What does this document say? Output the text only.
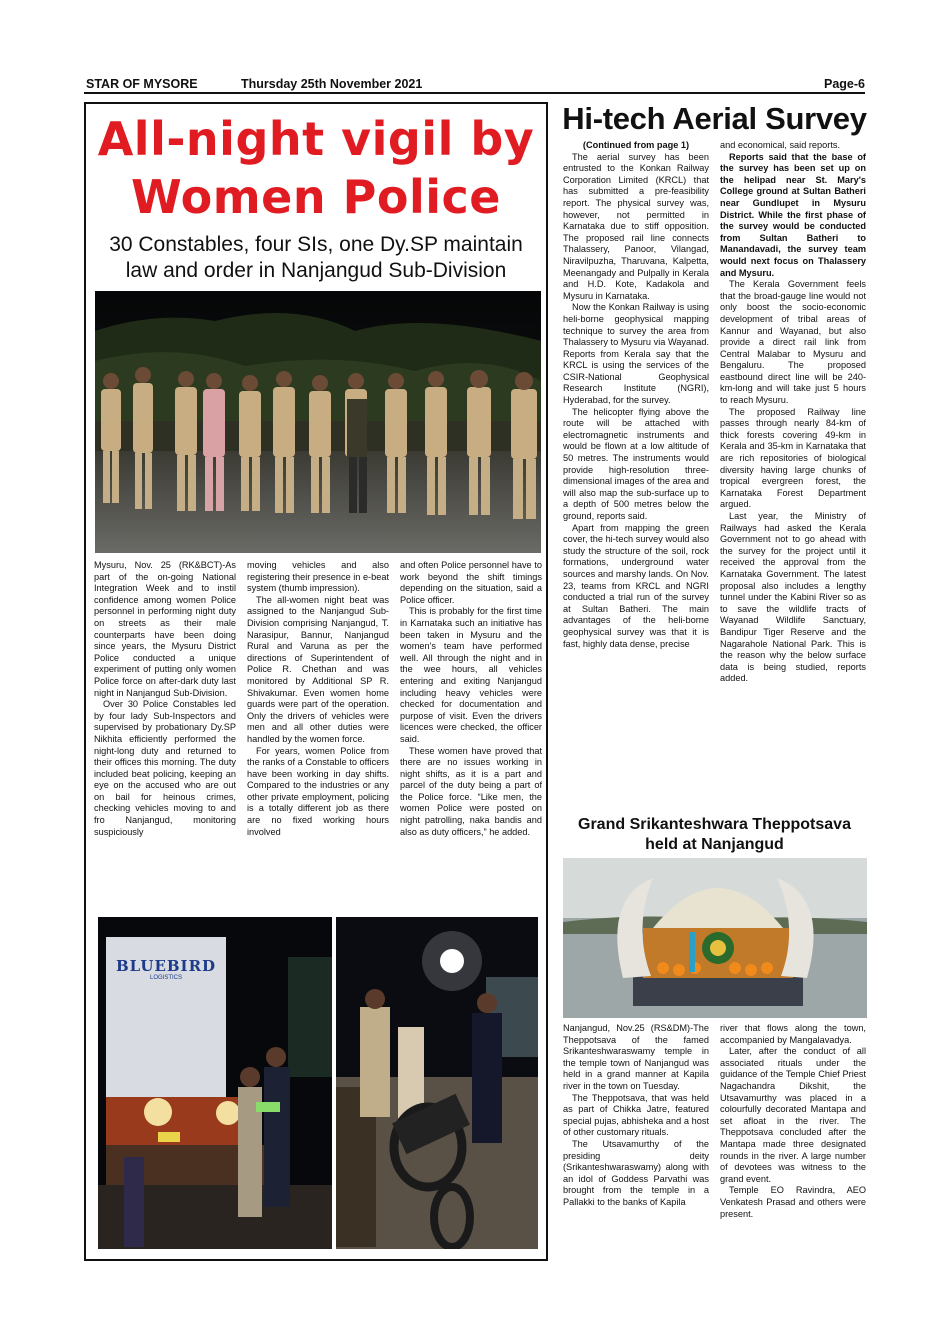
STAR OF MYSORE	Thursday 25th November 2021	Page-6
All-night vigil by
Women Police
30 Constables, four SIs, one Dy.SP maintain
law and order in Nanjangud Sub-Division

Mysuru, Nov. 25 (RK&BCT)-As part of the on-going National Integration Week and to instil confidence among women Police personnel in performing night duty on streets as their male counterparts have been doing since years, the Mysuru District Police conducted a unique experiment of putting only women Police force on after-dark duty last night in Nanjangud Sub-Division.

Over 30 Police Constables led by four lady Sub-Inspectors and supervised by probationary Dy.SP Nikhita efficiently performed the night-long duty and returned to their offices this morning. The duty included beat policing, keeping an eye on the accused who are out on bail for heinous crimes, checking vehicles moving to and fro Nanjangud, monitoring suspiciously

moving vehicles and also registering their presence in e-beat system (thumb impression).

The all-women night beat was assigned to the Nanjangud Sub-Division comprising Nanjangud, T. Narasipur, Bannur, Nanjangud Rural and Varuna as per the directions of Superintendent of Police R. Chethan and was monitored by Additional SP R. Shivakumar. Even women home guards were part of the operation. Only the drivers of vehicles were men and all other duties were handled by the women force.

For years, women Police from the ranks of a Constable to officers have been working in day shifts. Compared to the industries or any other private employment, policing is a totally different job as there are no fixed working hours involved

and often Police personnel have to work beyond the shift timings depending on the situation, said a Police officer.

This is probably for the first time in Karnataka such an initiative has been taken in Mysuru and the women's team have performed well. All through the night and in the wee hours, all vehicles entering and exiting Nanjangud including heavy vehicles were checked for documentation and purpose of visit. Even the drivers licences were checked, the officer said.

These women have proved that there are no issues working in night shifts, as it is a part and parcel of the duty being a part of the Police force. “Like men, the women Police were posted on night patrolling, naka bandis and also as duty officers,” he added.

BLUEBIRD
LOGISTICS
Hi-tech Aerial Survey

(Continued from page 1)

The aerial survey has been entrusted to the Konkan Railway Corporation Limited (KRCL) that has submitted a pre-feasibility report. The physical survey was, however, not permitted in Karnataka due to stiff opposition. The proposed rail line connects Thalassery, Panoor, Vilangad, Niravilpuzha, Tharuvana, Kalpetta, Meenangady and Pulpally in Kerala and H.D. Kote, Kadakola and Mysuru in Karnataka.

Now the Konkan Railway is using heli-borne geophysical mapping technique to survey the area from Thalassery to Mysuru via Wayanad. Reports from Kerala say that the KRCL is using the services of the CSIR-National Geophysical Research Institute (NGRI), Hyderabad, for the survey.

The helicopter flying above the route will be attached with electromagnetic instruments and would be flown at a low altitude of 50 metres. The instruments would provide high-resolution three-dimensional images of the area and will also map the sub-surface up to a depth of 500 metres below the ground, reports said.

Apart from mapping the green cover, the hi-tech survey would also study the structure of the soil, rock formations, underground water sources and marshy lands. On Nov. 23, teams from KRCL and NGRI conducted a trial run of the survey at Sultan Batheri. The main advantages of the heli-borne geophysical survey was that it is fast, highly data dense, precise

and economical, said reports.

Reports said that the base of the survey has been set up on the helipad near St. Mary's College ground at Sultan Batheri near Gundlupet in Mysuru District. While the first phase of the survey would be conducted from Sultan Batheri to Manandavadi, the survey team would next focus on Thalassery and Mysuru.

The Kerala Government feels that the broad-gauge line would not only boost the socio-economic development of tribal areas of Kannur and Wayanad, but also provide a direct rail link from Central Malabar to Mysuru and Bengaluru. The proposed eastbound direct line will be 240-km-long and will take just 5 hours to reach Mysuru.

The proposed Railway line passes through nearly 84-km of thick forests covering 49-km in Kerala and 35-km in Karnataka that are rich repositories of biological diversity having large chunks of tropical evergreen forest, the Karnataka Forest Department argued.

Last year, the Ministry of Railways had asked the Kerala Government not to go ahead with the survey for the project until it received the approval from the Karnataka Government. The latest proposal also includes a lengthy tunnel under the Kabini River so as to save the wildlife tracts of Wayanad Wildlife Sanctuary, Bandipur Tiger Reserve and the Nagarahole National Park. This is the reason why the below surface data is being studied, reports added.

Grand Srikanteshwara Theppotsava
held at Nanjangud

Nanjangud, Nov.25 (RS&DM)-The Theppotsava of the famed Srikanteshwaraswamy temple in the temple town of Nanjangud was held in a grand manner at Kapila river in the town on Tuesday.

The Theppotsava, that was held as part of Chikka Jatre, featured special pujas, abhisheka and a host of other customary rituals.

The Utsavamurthy of the presiding deity (Srikanteshwaraswamy) along with an idol of Goddess Parvathi was brought from the temple in a Pallakki to the banks of Kapila

river that flows along the town, accompanied by Mangalavadya.

Later, after the conduct of all associated rituals under the guidance of the Temple Chief Priest Nagachandra Dikshit, the Utsavamurthy was placed in a colourfully decorated Mantapa and set afloat in the river. The Theppotsava concluded after the Mantapa made three designated rounds in the river. A large number of devotees was witness to the grand event.

Temple EO Ravindra, AEO Venkatesh Prasad and others were present.
